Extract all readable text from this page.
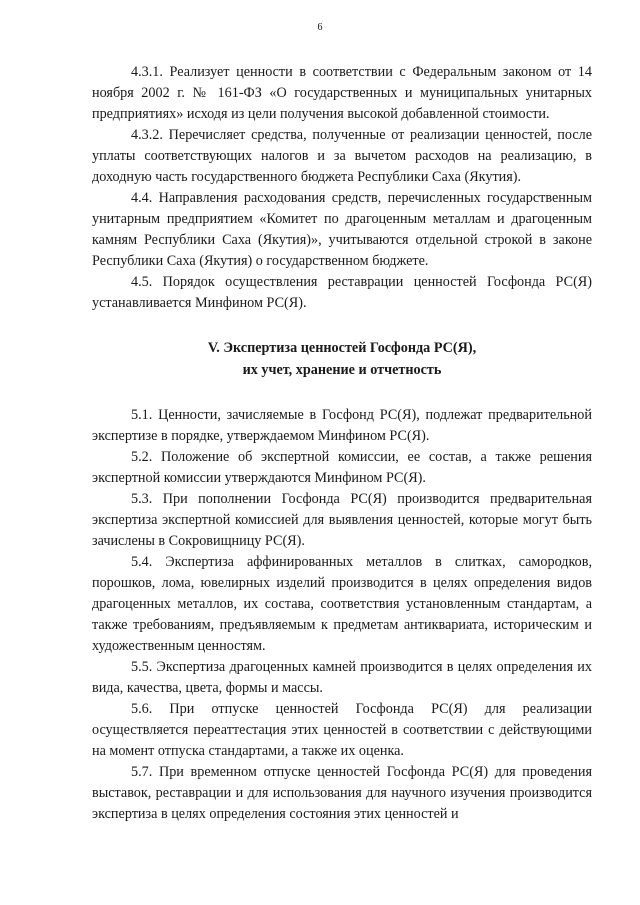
6

4.3.1. Реализует ценности в соответствии с Федеральным законом от 14 ноября 2002 г. № 161-ФЗ «О государственных и муниципальных унитарных предприятиях» исходя из цели получения высокой добавленной стоимости.

4.3.2. Перечисляет средства, полученные от реализации ценностей, после уплаты соответствующих налогов и за вычетом расходов на реализацию, в доходную часть государственного бюджета Республики Саха (Якутия).

4.4. Направления расходования средств, перечисленных государственным унитарным предприятием «Комитет по драгоценным металлам и драгоценным камням Республики Саха (Якутия)», учитываются отдельной строкой в законе Республики Саха (Якутия) о государственном бюджете.

4.5. Порядок осуществления реставрации ценностей Госфонда РС(Я) устанавливается Минфином РС(Я).

V. Экспертиза ценностей Госфонда РС(Я),
их учет, хранение и отчетность

5.1. Ценности, зачисляемые в Госфонд РС(Я), подлежат предварительной экспертизе в порядке, утверждаемом Минфином РС(Я).

5.2. Положение об экспертной комиссии, ее состав, а также решения экспертной комиссии утверждаются Минфином РС(Я).

5.3. При пополнении Госфонда РС(Я) производится предварительная экспертиза экспертной комиссией для выявления ценностей, которые могут быть зачислены в Сокровищницу РС(Я).

5.4. Экспертиза аффинированных металлов в слитках, самородков, порошков, лома, ювелирных изделий производится в целях определения видов драгоценных металлов, их состава, соответствия установленным стандартам, а также требованиям, предъявляемым к предметам антиквариата, историческим и художественным ценностям.

5.5. Экспертиза драгоценных камней производится в целях определения их вида, качества, цвета, формы и массы.

5.6. При отпуске ценностей Госфонда РС(Я) для реализации осуществляется переаттестация этих ценностей в соответствии с действующими на момент отпуска стандартами, а также их оценка.

5.7. При временном отпуске ценностей Госфонда РС(Я) для проведения выставок, реставрации и для использования для научного изучения производится экспертиза в целях определения состояния этих ценностей и
